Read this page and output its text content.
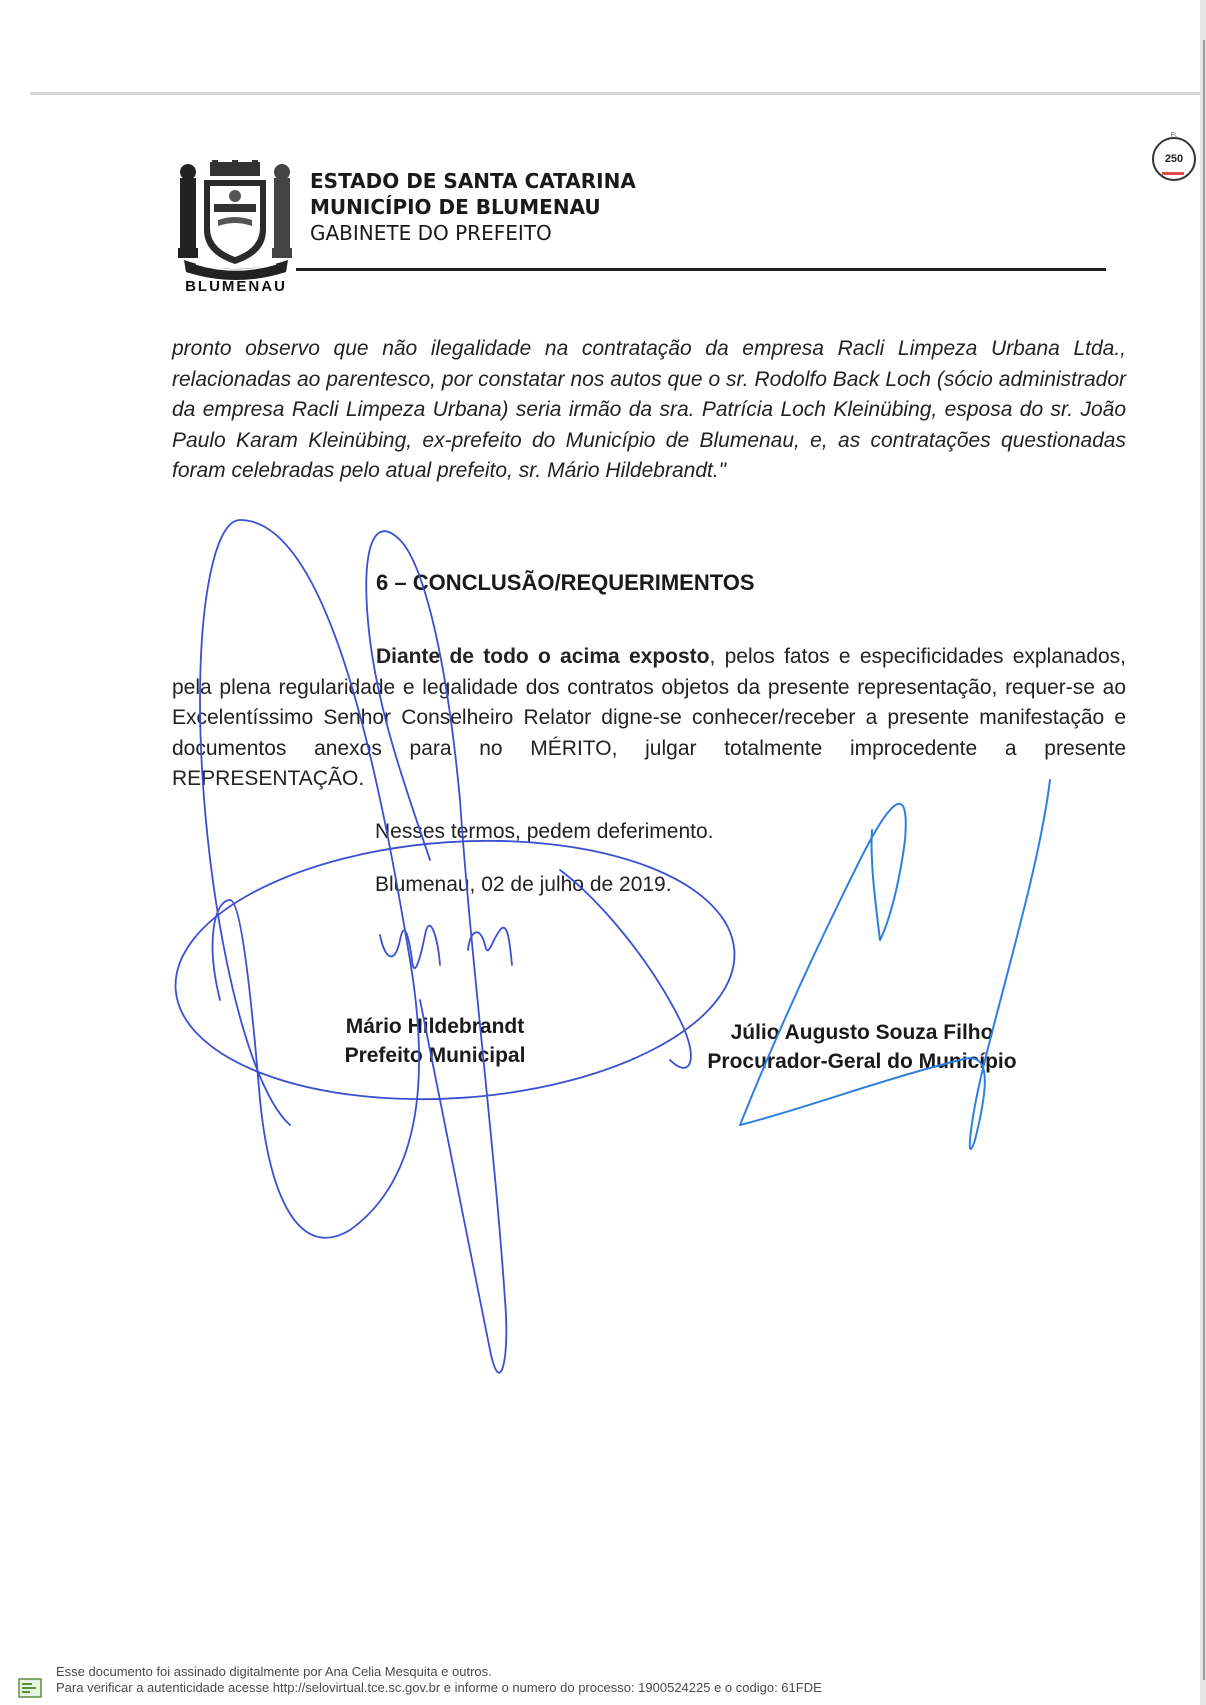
Fl.
250
BLUMENAU
ESTADO DE SANTA CATARINA
MUNICÍPIO DE BLUMENAU
GABINETE DO PREFEITO

pronto observo que não ilegalidade na contratação da empresa Racli Limpeza Urbana Ltda., relacionadas ao parentesco, por constatar nos autos que o sr. Rodolfo Back Loch (sócio administrador da empresa Racli Limpeza Urbana) seria irmão da sra. Patrícia Loch Kleinübing, esposa do sr. João Paulo Karam Kleinübing, ex-prefeito do Município de Blumenau, e, as contratações questionadas foram celebradas pelo atual prefeito, sr. Mário Hildebrandt."

6 – CONCLUSÃO/REQUERIMENTOS

Diante de todo o acima exposto, pelos fatos e especificidades explanados, pela plena regularidade e legalidade dos contratos objetos da presente representação, requer-se ao Excelentíssimo Senhor Conselheiro Relator digne-se conhecer/receber a presente manifestação e documentos anexos para no MÉRITO, julgar totalmente improcedente a presente REPRESENTAÇÃO.

Nesses termos, pedem deferimento.
Blumenau, 02 de julho de 2019.
Mário Hildebrandt
Prefeito Municipal
Júlio Augusto Souza Filho
Procurador-Geral do Município
Esse documento foi assinado digitalmente por Ana Celia Mesquita e outros.
Para verificar a autenticidade acesse http://selovirtual.tce.sc.gov.br e informe o numero do processo: 1900524225 e o codigo: 61FDE
